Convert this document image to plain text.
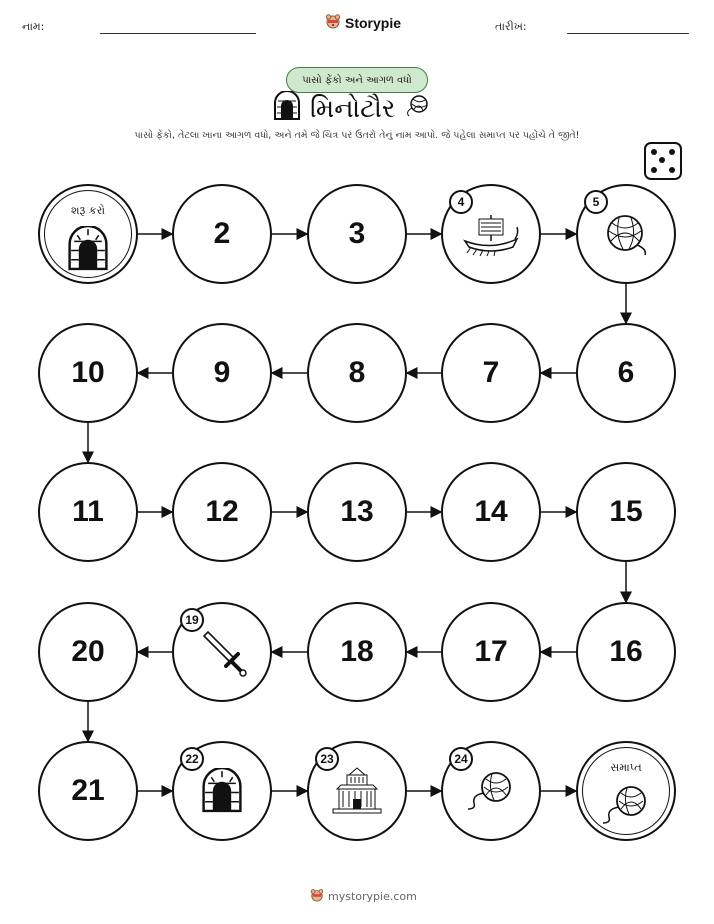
નામ:	Storypie	તારીખ:
પાસો ફેંકો અને આગળ વધો
મિનોટૌર
પાસો ફેંકો, તેટલા ખાના આગળ વધો, અને તમે જે ચિત્ર પર ઉતરો તેનું નામ આપો. જે પહેલા સમાપ્ત પર પહોંચે તે જીતે!
શરૂ કરો
2	3
4	5
6
7
8
9
10
11	12	13	14	15
16
17
18
19
20
21
22	23	24
સમાપ્ત
mystorypie.com
